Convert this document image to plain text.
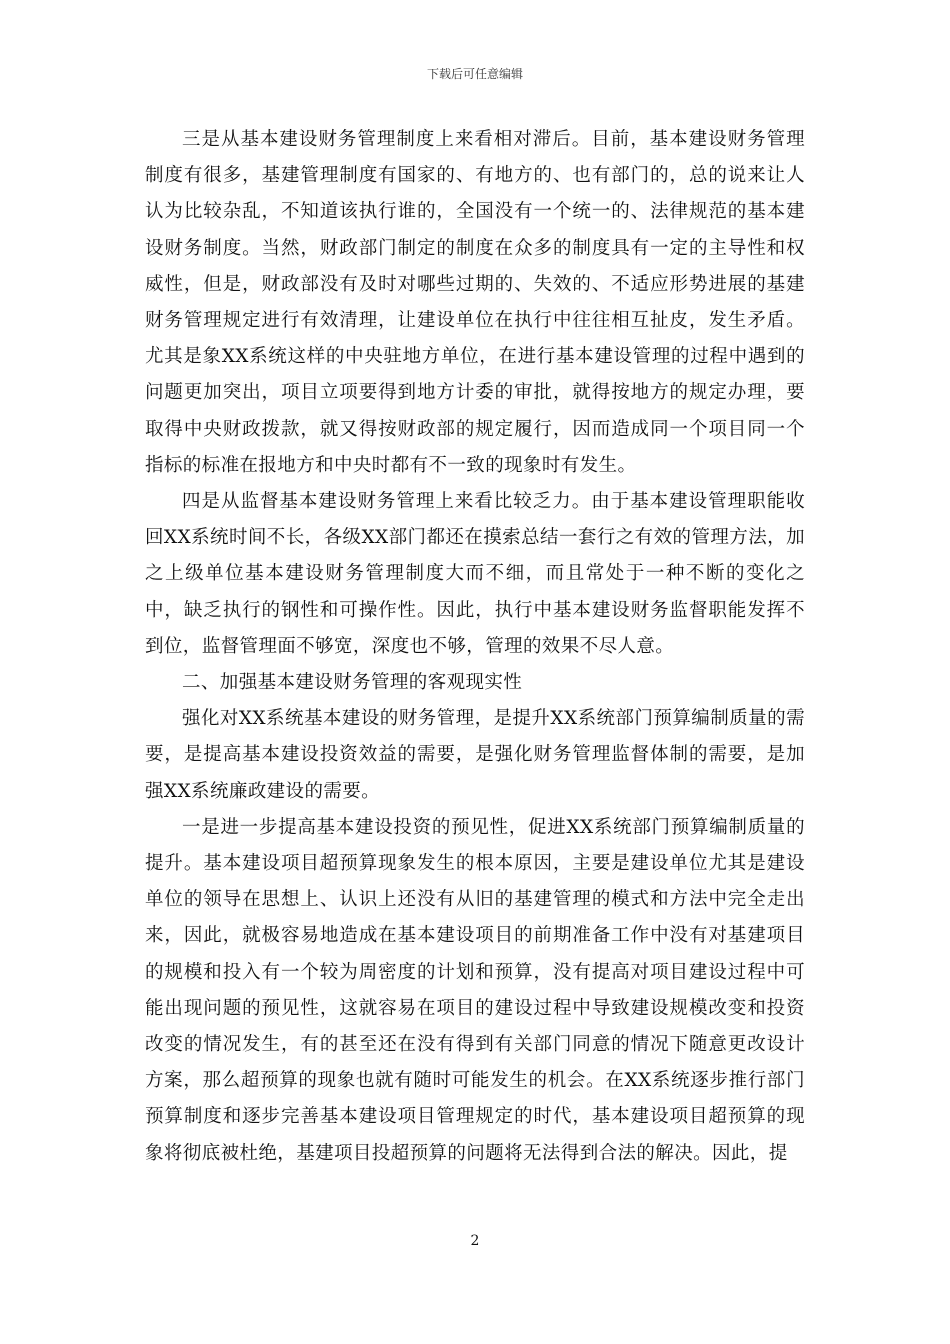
下载后可任意编辑

三是从基本建设财务管理制度上来看相对滞后。目前，基本建设财务管理制度有很多，基建管理制度有国家的、有地方的、也有部门的，总的说来让人认为比较杂乱，不知道该执行谁的，全国没有一个统一的、法律规范的基本建设财务制度。当然，财政部门制定的制度在众多的制度具有一定的主导性和权威性，但是，财政部没有及时对哪些过期的、失效的、不适应形势进展的基建财务管理规定进行有效清理，让建设单位在执行中往往相互扯皮，发生矛盾。尤其是象XX系统这样的中央驻地方单位，在进行基本建设管理的过程中遇到的问题更加突出，项目立项要得到地方计委的审批，就得按地方的规定办理，要取得中央财政拨款，就又得按财政部的规定履行，因而造成同一个项目同一个指标的标准在报地方和中央时都有不一致的现象时有发生。

四是从监督基本建设财务管理上来看比较乏力。由于基本建设管理职能收回XX系统时间不长，各级XX部门都还在摸索总结一套行之有效的管理方法，加之上级单位基本建设财务管理制度大而不细，而且常处于一种不断的变化之中，缺乏执行的钢性和可操作性。因此，执行中基本建设财务监督职能发挥不到位，监督管理面不够宽，深度也不够，管理的效果不尽人意。

二、加强基本建设财务管理的客观现实性

强化对XX系统基本建设的财务管理，是提升XX系统部门预算编制质量的需要，是提高基本建设投资效益的需要，是强化财务管理监督体制的需要，是加强XX系统廉政建设的需要。

一是进一步提高基本建设投资的预见性，促进XX系统部门预算编制质量的提升。基本建设项目超预算现象发生的根本原因，主要是建设单位尤其是建设单位的领导在思想上、认识上还没有从旧的基建管理的模式和方法中完全走出来，因此，就极容易地造成在基本建设项目的前期准备工作中没有对基建项目的规模和投入有一个较为周密度的计划和预算，没有提高对项目建设过程中可能出现问题的预见性，这就容易在项目的建设过程中导致建设规模改变和投资改变的情况发生，有的甚至还在没有得到有关部门同意的情况下随意更改设计方案，那么超预算的现象也就有随时可能发生的机会。在XX系统逐步推行部门预算制度和逐步完善基本建设项目管理规定的时代，基本建设项目超预算的现象将彻底被杜绝，基建项目投超预算的问题将无法得到合法的解决。因此，提

2
